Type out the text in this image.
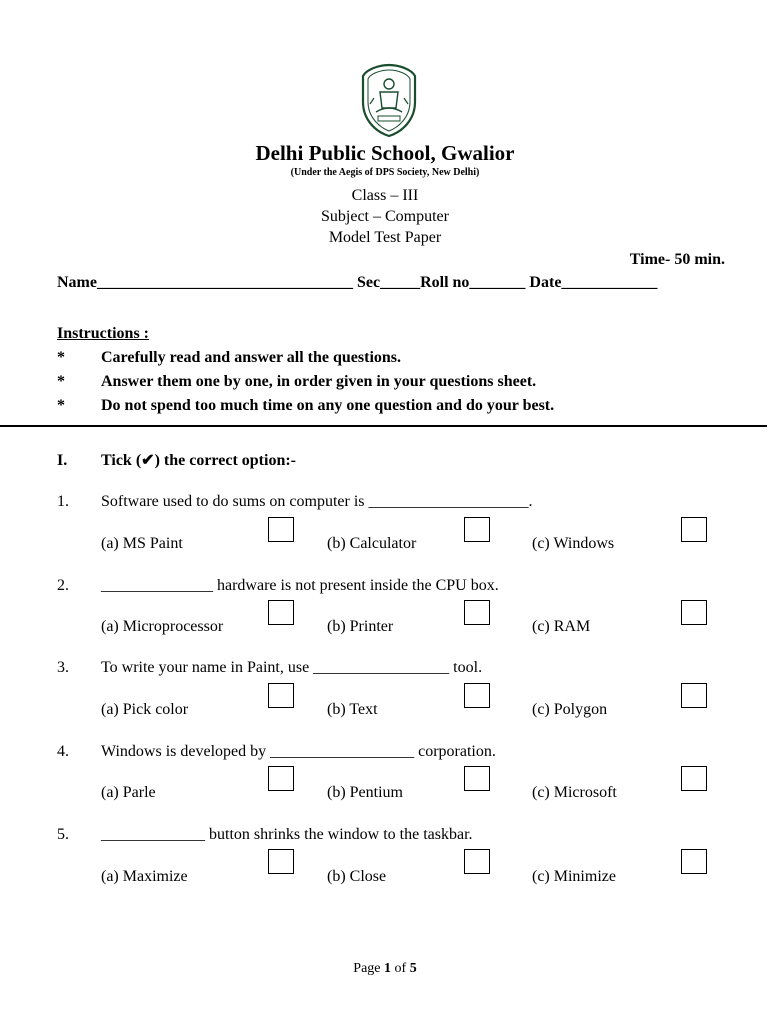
Delhi Public School, Gwalior
(Under the Aegis of DPS Society, New Delhi)
Class – III
Subject – Computer
Model Test Paper
Time- 50 min.
Name________________________________ Sec_____Roll no_______ Date____________
Instructions :
* Carefully read and answer all the questions.
* Answer them one by one, in order given in your questions sheet.
* Do not spend too much time on any one question and do your best.
I. Tick (✔) the correct option:-
1. Software used to do sums on computer is ____________________.
(a) MS Paint	(b) Calculator	(c) Windows
2. ______________ hardware is not present inside the CPU box.
(a) Microprocessor	(b) Printer	(c) RAM
3. To write your name in Paint, use _________________ tool.
(a) Pick color	(b) Text	(c) Polygon
4. Windows is developed by __________________ corporation.
(a) Parle	(b) Pentium	(c) Microsoft
5. _____________ button shrinks the window to the taskbar.
(a) Maximize	(b) Close	(c) Minimize
Page 1 of 5
